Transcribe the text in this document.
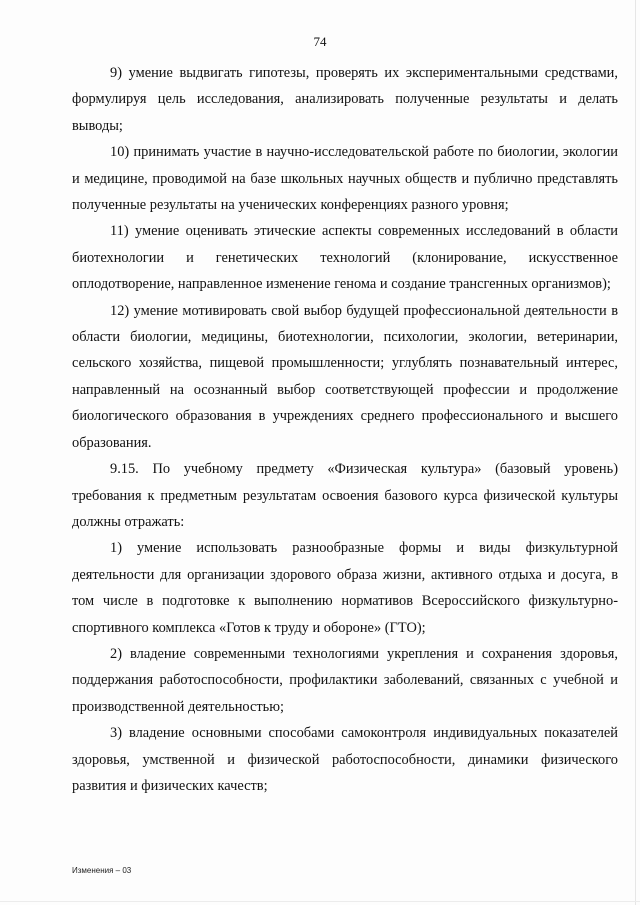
74

9) умение выдвигать гипотезы, проверять их экспериментальными средствами, формулируя цель исследования, анализировать полученные результаты и делать выводы;

10) принимать участие в научно-исследовательской работе по биологии, экологии и медицине, проводимой на базе школьных научных обществ и публично представлять полученные результаты на ученических конференциях разного уровня;

11) умение оценивать этические аспекты современных исследований в области биотехнологии и генетических технологий (клонирование, искусственное оплодотворение, направленное изменение генома и создание трансгенных организмов);

12) умение мотивировать свой выбор будущей профессиональной деятельности в области биологии, медицины, биотехнологии, психологии, экологии, ветеринарии, сельского хозяйства, пищевой промышленности; углублять познавательный интерес, направленный на осознанный выбор соответствующей профессии и продолжение биологического образования в учреждениях среднего профессионального и высшего образования.

9.15. По учебному предмету «Физическая культура» (базовый уровень) требования к предметным результатам освоения базового курса физической культуры должны отражать:

1) умение использовать разнообразные формы и виды физкультурной деятельности для организации здорового образа жизни, активного отдыха и досуга, в том числе в подготовке к выполнению нормативов Всероссийского физкультурно-спортивного комплекса «Готов к труду и обороне» (ГТО);

2) владение современными технологиями укрепления и сохранения здоровья, поддержания работоспособности, профилактики заболеваний, связанных с учебной и производственной деятельностью;

3) владение основными способами самоконтроля индивидуальных показателей здоровья, умственной и физической работоспособности, динамики физического развития и физических качеств;

Изменения – 03
